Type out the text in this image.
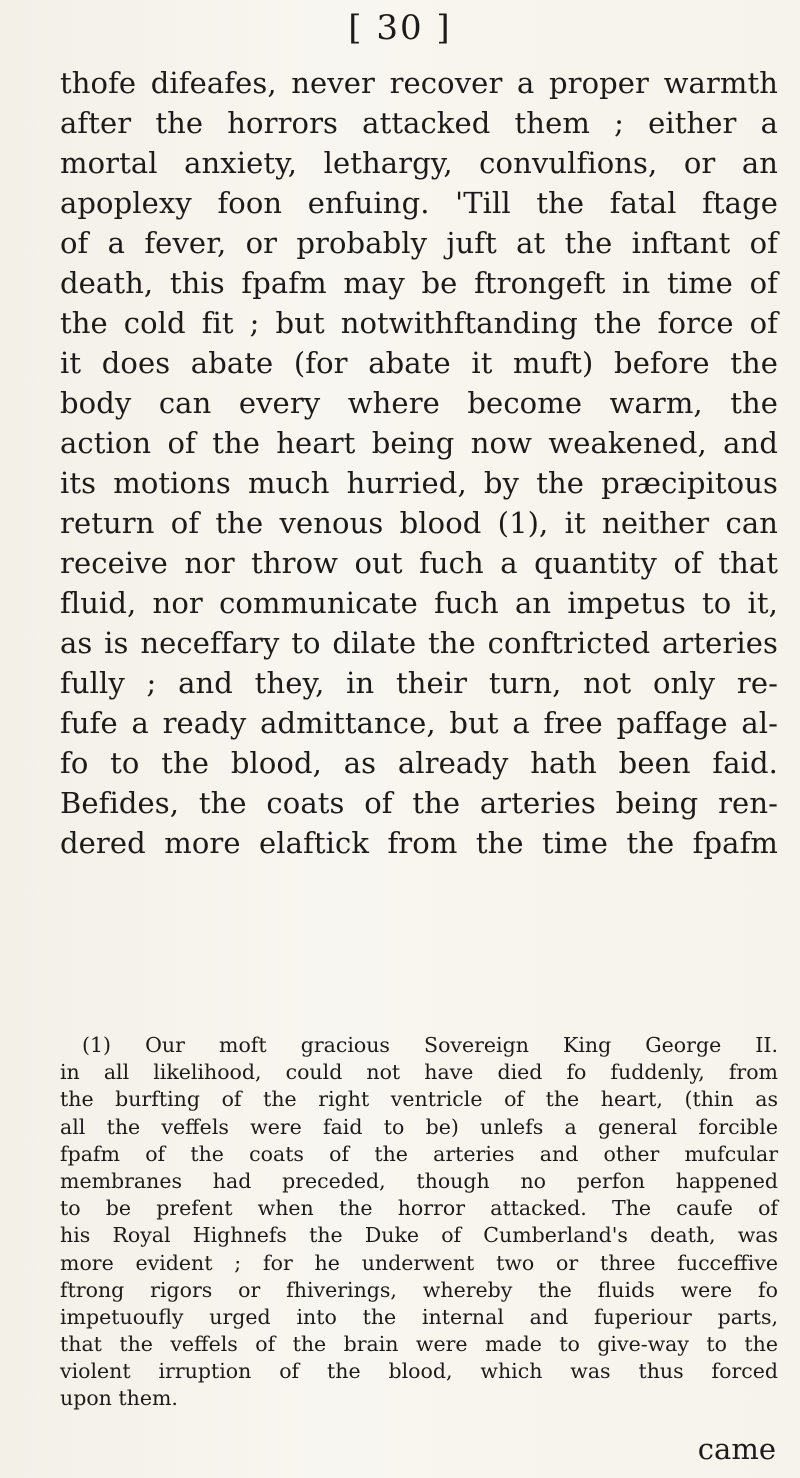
[ 30 ]
thofe difeafes, never recover a proper warmth
after the horrors attacked them ; either a
mortal anxiety, lethargy, convulfions, or an
apoplexy foon enfuing. 'Till the fatal ftage
of a fever, or probably juft at the inftant of
death, this fpafm may be ftrongeft in time of
the cold fit ; but notwithftanding the force of
it does abate (for abate it muft) before the
body can every where become warm, the
action of the heart being now weakened, and
its motions much hurried, by the præcipitous
return of the venous blood (1), it neither can
receive nor throw out fuch a quantity of that
fluid, nor communicate fuch an impetus to it,
as is neceffary to dilate the conftricted arteries
fully ; and they, in their turn, not only re-
fufe a ready admittance, but a free paffage al-
fo to the blood, as already hath been faid.
Befides, the coats of the arteries being ren-
dered more elaftick from the time the fpafm
(1) Our moft gracious Sovereign King George II.
in all likelihood, could not have died fo fuddenly, from
the burfting of the right ventricle of the heart, (thin as
all the veffels were faid to be) unlefs a general forcible
fpafm of the coats of the arteries and other mufcular
membranes had preceded, though no perfon happened
to be prefent when the horror attacked. The caufe of
his Royal Highnefs the Duke of Cumberland's death, was
more evident ; for he underwent two or three fucceffive
ftrong rigors or fhiverings, whereby the fluids were fo
impetuoufly urged into the internal and fuperiour parts,
that the veffels of the brain were made to give-way to the
violent irruption of the blood, which was thus forced
upon them.
came
